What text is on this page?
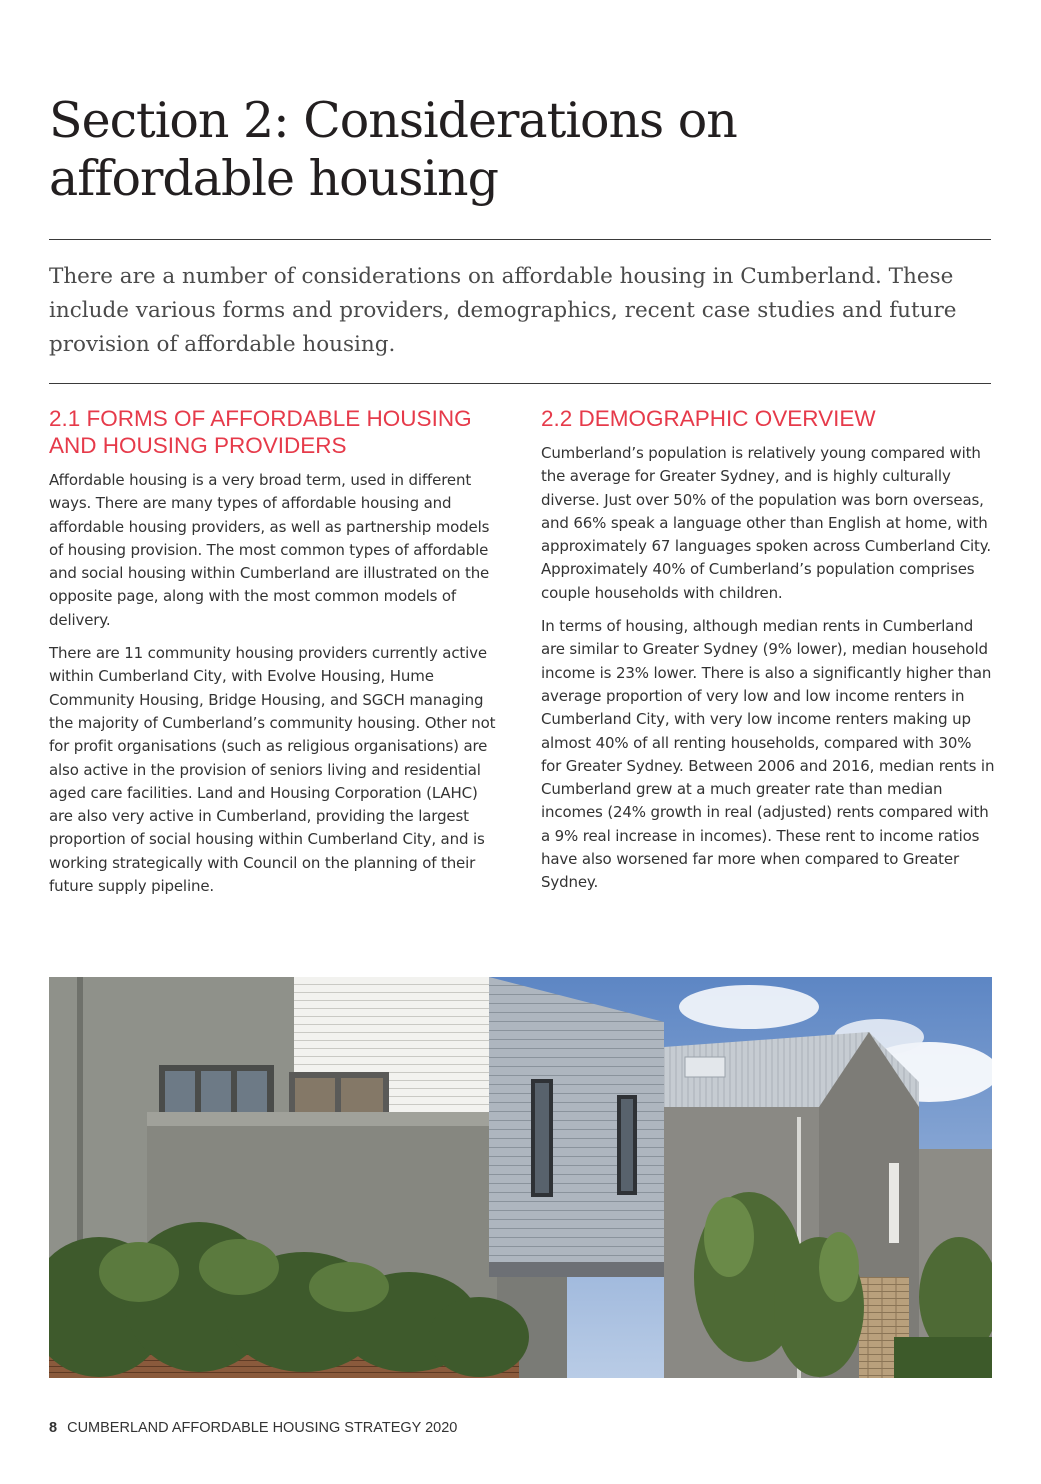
Section 2: Considerations on affordable housing

There are a number of considerations on affordable housing in Cumberland. These include various forms and providers, demographics, recent case studies and future provision of affordable housing.

2.1 FORMS OF AFFORDABLE HOUSING AND HOUSING PROVIDERS

Affordable housing is a very broad term, used in different ways. There are many types of affordable housing and affordable housing providers, as well as partnership models of housing provision. The most common types of affordable and social housing within Cumberland are illustrated on the opposite page, along with the most common models of delivery.

There are 11 community housing providers currently active within Cumberland City, with Evolve Housing, Hume Community Housing, Bridge Housing, and SGCH managing the majority of Cumberland’s community housing. Other not for profit organisations (such as religious organisations) are also active in the provision of seniors living and residential aged care facilities. Land and Housing Corporation (LAHC) are also very active in Cumberland, providing the largest proportion of social housing within Cumberland City, and is working strategically with Council on the planning of their future supply pipeline.

2.2 DEMOGRAPHIC OVERVIEW

Cumberland’s population is relatively young compared with the average for Greater Sydney, and is highly culturally diverse. Just over 50% of the population was born overseas, and 66% speak a language other than English at home, with approximately 67 languages spoken across Cumberland City. Approximately 40% of Cumberland’s population comprises couple households with children.

In terms of housing, although median rents in Cumberland are similar to Greater Sydney (9% lower), median household income is 23% lower. There is also a significantly higher than average proportion of very low and low income renters in Cumberland City, with very low income renters making up almost 40% of all renting households, compared with 30% for Greater Sydney. Between 2006 and 2016, median rents in Cumberland grew at a much greater rate than median incomes (24% growth in real (adjusted) rents compared with a 9% real increase in incomes). These rent to income ratios have also worsened far more when compared to Greater Sydney.

8 CUMBERLAND AFFORDABLE HOUSING STRATEGY 2020
